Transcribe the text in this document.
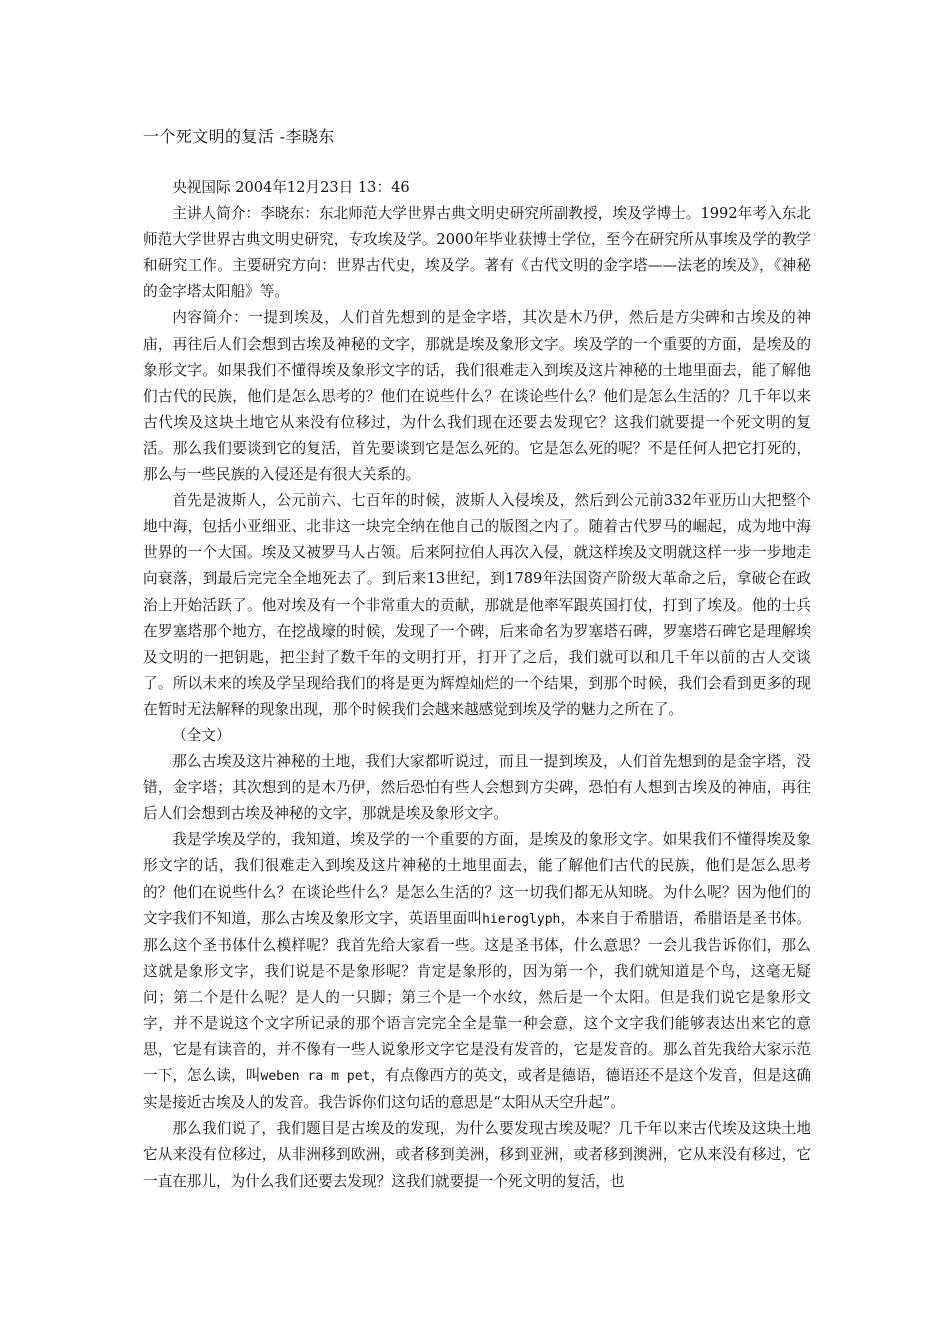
一个死文明的复活 -李晓东

央视国际 2004年12月23日 13：46

主讲人简介：李晓东：东北师范大学世界古典文明史研究所副教授，埃及学博士。1992年考入东北师范大学世界古典文明史研究，专攻埃及学。2000年毕业获博士学位，至今在研究所从事埃及学的教学和研究工作。主要研究方向：世界古代史，埃及学。著有《古代文明的金字塔——法老的埃及》，《神秘的金字塔太阳船》等。

内容简介：一提到埃及，人们首先想到的是金字塔，其次是木乃伊，然后是方尖碑和古埃及的神庙，再往后人们会想到古埃及神秘的文字，那就是埃及象形文字。埃及学的一个重要的方面，是埃及的象形文字。如果我们不懂得埃及象形文字的话，我们很难走入到埃及这片神秘的土地里面去，能了解他们古代的民族，他们是怎么思考的？他们在说些什么？在谈论些什么？他们是怎么生活的？几千年以来古代埃及这块土地它从来没有位移过，为什么我们现在还要去发现它？这我们就要提一个死文明的复活。那么我们要谈到它的复活，首先要谈到它是怎么死的。它是怎么死的呢？不是任何人把它打死的，那么与一些民族的入侵还是有很大关系的。

首先是波斯人，公元前六、七百年的时候，波斯人入侵埃及，然后到公元前332年亚历山大把整个地中海，包括小亚细亚、北非这一块完全纳在他自己的版图之内了。随着古代罗马的崛起，成为地中海世界的一个大国。埃及又被罗马人占领。后来阿拉伯人再次入侵，就这样埃及文明就这样一步一步地走向衰落，到最后完完全全地死去了。到后来13世纪，到1789年法国资产阶级大革命之后，拿破仑在政治上开始活跃了。他对埃及有一个非常重大的贡献，那就是他率军跟英国打仗，打到了埃及。他的士兵在罗塞塔那个地方，在挖战壕的时候，发现了一个碑，后来命名为罗塞塔石碑，罗塞塔石碑它是理解埃及文明的一把钥匙，把尘封了数千年的文明打开，打开了之后，我们就可以和几千年以前的古人交谈了。所以未来的埃及学呈现给我们的将是更为辉煌灿烂的一个结果，到那个时候，我们会看到更多的现在暂时无法解释的现象出现，那个时候我们会越来越感觉到埃及学的魅力之所在了。

（全文）

那么古埃及这片神秘的土地，我们大家都听说过，而且一提到埃及，人们首先想到的是金字塔，没错，金字塔；其次想到的是木乃伊，然后恐怕有些人会想到方尖碑，恐怕有人想到古埃及的神庙，再往后人们会想到古埃及神秘的文字，那就是埃及象形文字。

我是学埃及学的，我知道，埃及学的一个重要的方面，是埃及的象形文字。如果我们不懂得埃及象形文字的话，我们很难走入到埃及这片神秘的土地里面去，能了解他们古代的民族，他们是怎么思考的？他们在说些什么？在谈论些什么？是怎么生活的？这一切我们都无从知晓。为什么呢？因为他们的文字我们不知道，那么古埃及象形文字，英语里面叫hieroglyph，本来自于希腊语，希腊语是圣书体。那么这个圣书体什么模样呢？我首先给大家看一些。这是圣书体，什么意思？一会儿我告诉你们，那么这就是象形文字，我们说是不是象形呢？肯定是象形的，因为第一个，我们就知道是个鸟，这毫无疑问；第二个是什么呢？是人的一只脚；第三个是一个水纹，然后是一个太阳。但是我们说它是象形文字，并不是说这个文字所记录的那个语言完完全全是靠一种会意，这个文字我们能够表达出来它的意思，它是有读音的，并不像有一些人说象形文字它是没有发音的，它是发音的。那么首先我给大家示范一下，怎么读，叫weben ra m pet，有点像西方的英文，或者是德语，德语还不是这个发音，但是这确实是接近古埃及人的发音。我告诉你们这句话的意思是“太阳从天空升起”。

那么我们说了，我们题目是古埃及的发现，为什么要发现古埃及呢？几千年以来古代埃及这块土地它从来没有位移过，从非洲移到欧洲，或者移到美洲，移到亚洲，或者移到澳洲，它从来没有移过，它一直在那儿，为什么我们还要去发现？这我们就要提一个死文明的复活，也
